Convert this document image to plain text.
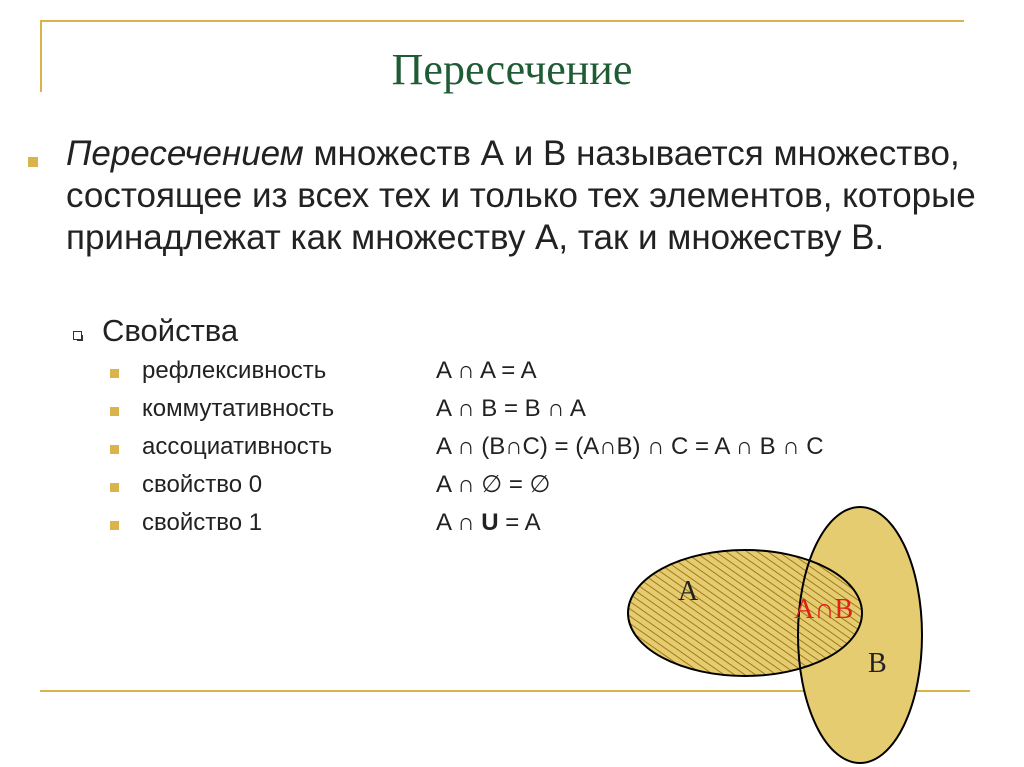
Пересечение
Пересечением множеств А и В называется множество, состоящее из всех тех и только тех элементов, которые принадлежат как множеству А, так и множеству В.
Свойства
рефлексивность	A ∩ A = A
коммутативность	A ∩ B = B ∩ A
ассоциативность	A ∩ (B∩C) = (A∩B) ∩ C = A ∩ B ∩ C
свойство 0	A ∩ ∅ = ∅
свойство 1	A ∩ U = A
A
B
A∩B
